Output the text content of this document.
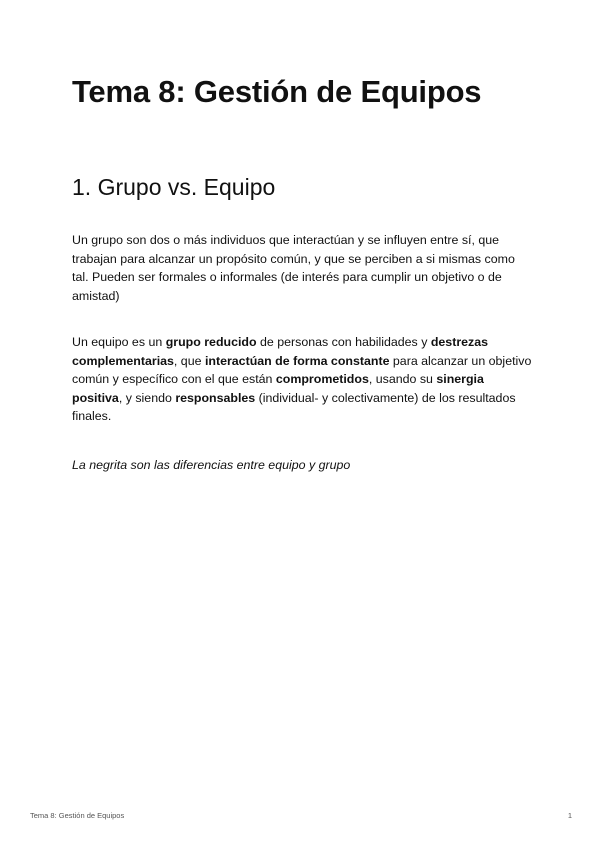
Tema 8: Gestión de Equipos
1. Grupo vs. Equipo

Un grupo son dos o más individuos que interactúan y se influyen entre sí, que trabajan para alcanzar un propósito común, y que se perciben a si mismas como tal. Pueden ser formales o informales (de interés para cumplir un objetivo o de amistad)

Un equipo es un grupo reducido de personas con habilidades y destrezas complementarias, que interactúan de forma constante para alcanzar un objetivo común y específico con el que están comprometidos, usando su sinergia positiva, y siendo responsables (individual- y colectivamente) de los resultados finales.

La negrita son las diferencias entre equipo y grupo

Tema 8: Gestión de Equipos	1
